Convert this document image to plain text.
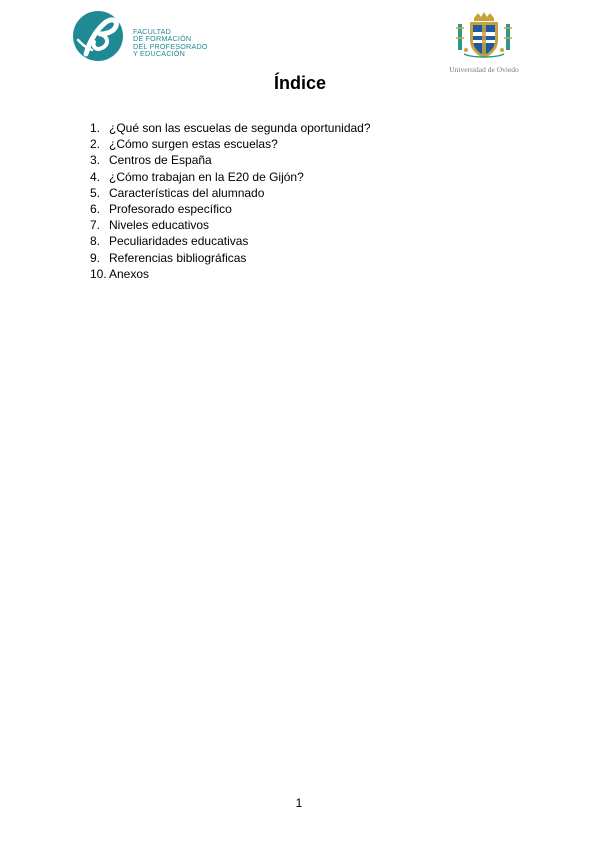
FACULTAD
DE FORMACIÓN
DEL PROFESORADO
Y EDUCACIÓN
Universidad de Oviedo
Índice
1. ¿Qué son las escuelas de segunda oportunidad?
2. ¿Cómo surgen estas escuelas?
3. Centros de España
4. ¿Cómo trabajan en la E20 de Gijón?
5. Características del alumnado
6. Profesorado específico
7. Niveles educativos
8. Peculiaridades educativas
9. Referencias bibliográficas
10. Anexos
1
